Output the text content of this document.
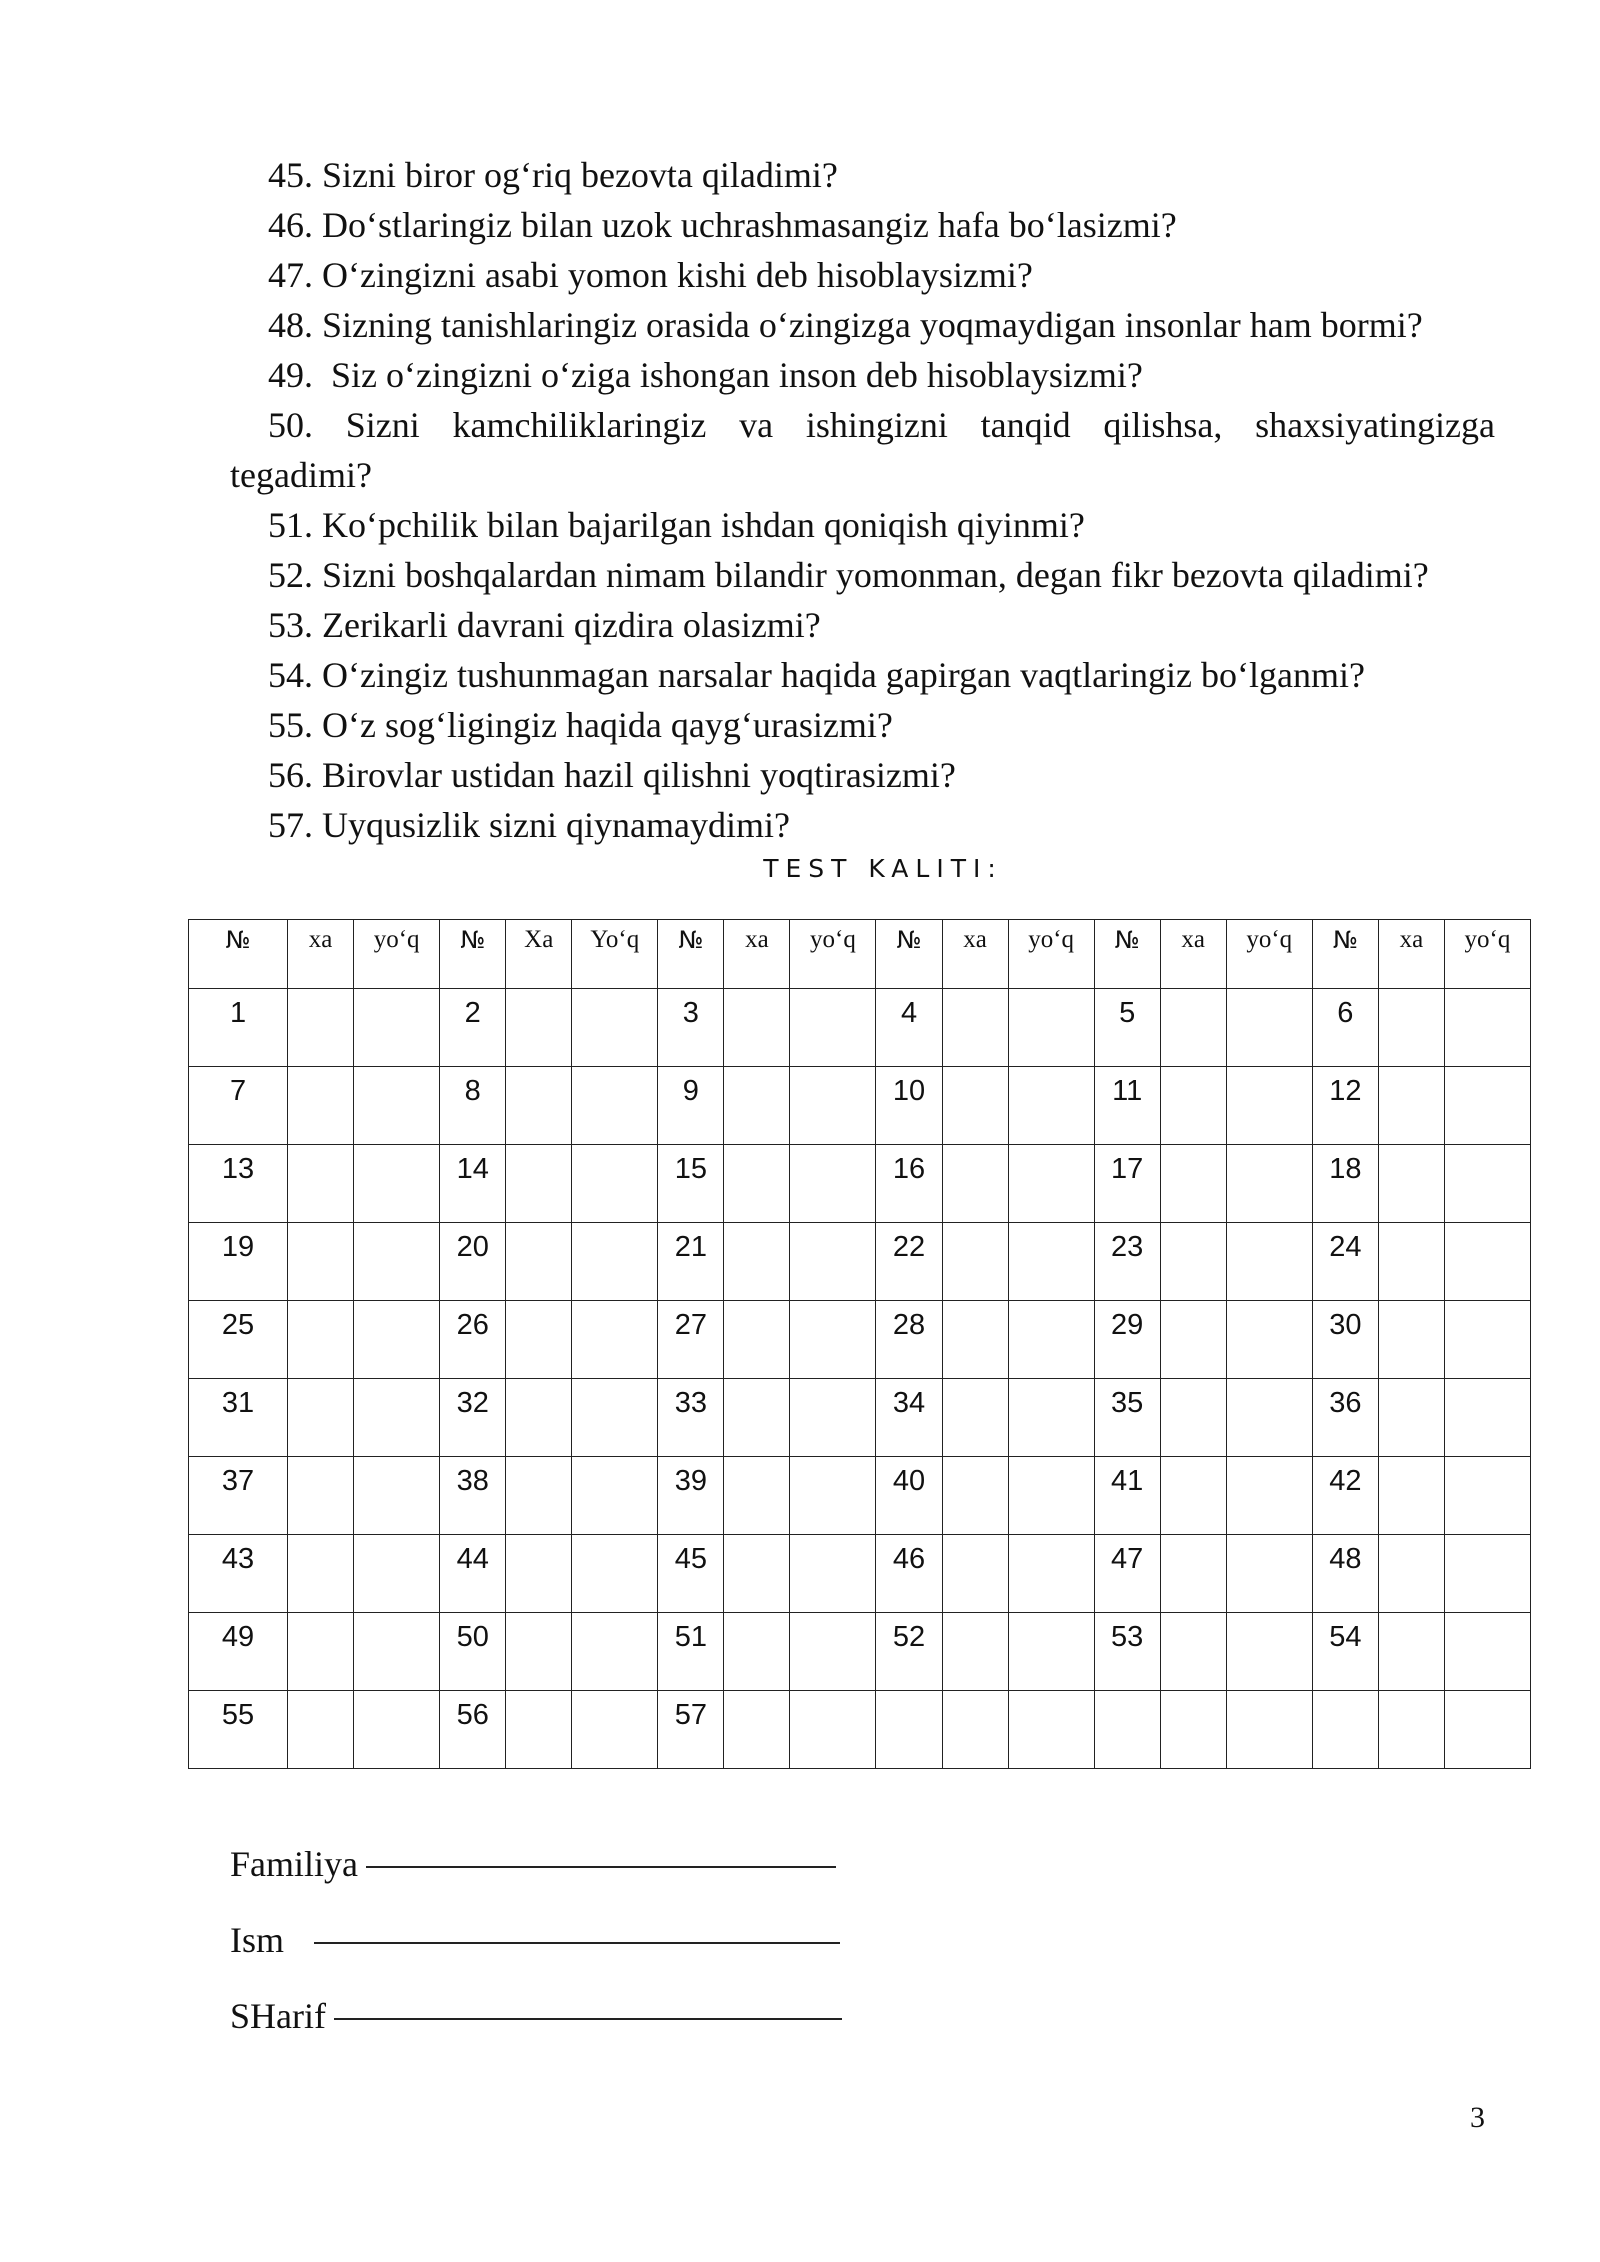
45. Sizni biror og‘riq bezovta qiladimi?
46. Do‘stlaringiz bilan uzok uchrashmasangiz hafa bo‘lasizmi?
47. O‘zingizni asabi yomon kishi deb hisoblaysizmi?
48. Sizning tanishlaringiz orasida o‘zingizga yoqmaydigan insonlar ham bormi?
49.  Siz o‘zingizni o‘ziga ishongan inson deb hisoblaysizmi?
50. Sizni kamchiliklaringiz va ishingizni tanqid qilishsa, shaxsiyatingizga
tegadimi?
51. Ko‘pchilik bilan bajarilgan ishdan qoniqish qiyinmi?
52. Sizni boshqalardan nimam bilandir yomonman, degan fikr bezovta qiladimi?
53. Zerikarli davrani qizdira olasizmi?
54. O‘zingiz tushunmagan narsalar haqida gapirgan vaqtlaringiz bo‘lganmi?
55. O‘z sog‘ligingiz haqida qayg‘urasizmi?
56. Birovlar ustidan hazil qilishni yoqtirasizmi?
57. Uyqusizlik sizni qiynamaydimi?
TEST KALITI:
№	xa	yo‘q	№	Xa	Yo‘q	№	xa	yo‘q	№	xa	yo‘q	№	xa	yo‘q	№	xa	yo‘q
1			2			3			4			5			6		
7			8			9			10			11			12		
13			14			15			16			17			18		
19			20			21			22			23			24		
25			26			27			28			29			30		
31			32			33			34			35			36		
37			38			39			40			41			42		
43			44			45			46			47			48		
49			50			51			52			53			54		
55			56			57											
Familiya
Ism
SHarif
3
